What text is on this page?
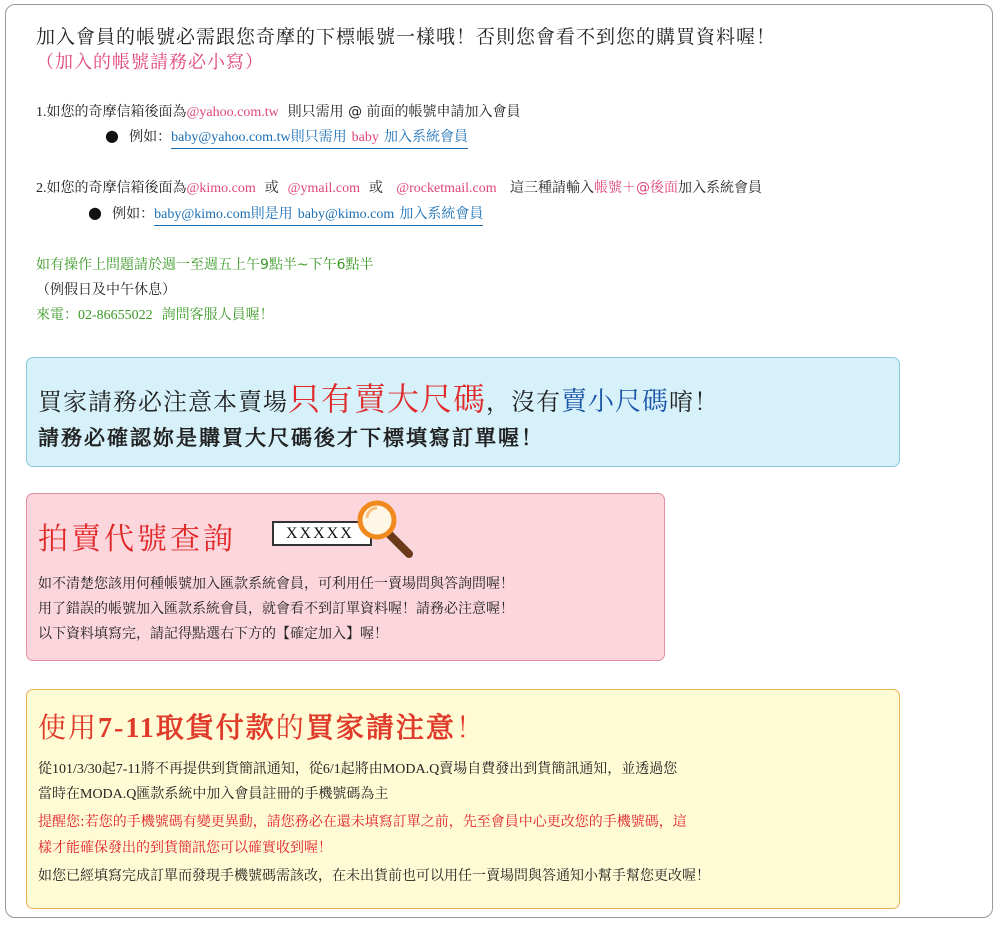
加入會員的帳號必需跟您奇摩的下標帳號一樣哦！否則您會看不到您的購買資料喔！
（加入的帳號請務必小寫）
1.如您的奇摩信箱後面為@yahoo.com.tw 則只需用 @ 前面的帳號申請加入會員
● 例如：baby@yahoo.com.tw則只需用 baby 加入系統會員
2.如您的奇摩信箱後面為@kimo.com 或 @ymail.com 或 @rocketmail.com 這三種請輸入帳號＋@後面加入系統會員
● 例如：baby@kimo.com則是用 baby@kimo.com 加入系統會員
如有操作上問題請於週一至週五上午9點半~下午6點半
（例假日及中午休息）
來電：02-86655022 詢問客服人員喔！
買家請務必注意本賣場只有賣大尺碼，沒有賣小尺碼唷！
請務必確認妳是購買大尺碼後才下標填寫訂單喔！
拍賣代號查詢
XXXXX
如不清楚您該用何種帳號加入匯款系統會員，可利用任一賣場問與答詢問喔！
用了錯誤的帳號加入匯款系統會員，就會看不到訂單資料喔！請務必注意喔！
以下資料填寫完，請記得點選右下方的【確定加入】喔！
使用7-11取貨付款的買家請注意！
從101/3/30起7-11將不再提供到貨簡訊通知，從6/1起將由MODA.Q賣場自費發出到貨簡訊通知，並透過您
當時在MODA.Q匯款系統中加入會員註冊的手機號碼為主
提醒您:若您的手機號碼有變更異動，請您務必在還未填寫訂單之前，先至會員中心更改您的手機號碼，這
樣才能確保發出的到貨簡訊您可以確實收到喔！
如您已經填寫完成訂單而發現手機號碼需該改，在未出貨前也可以用任一賣場問與答通知小幫手幫您更改喔！
